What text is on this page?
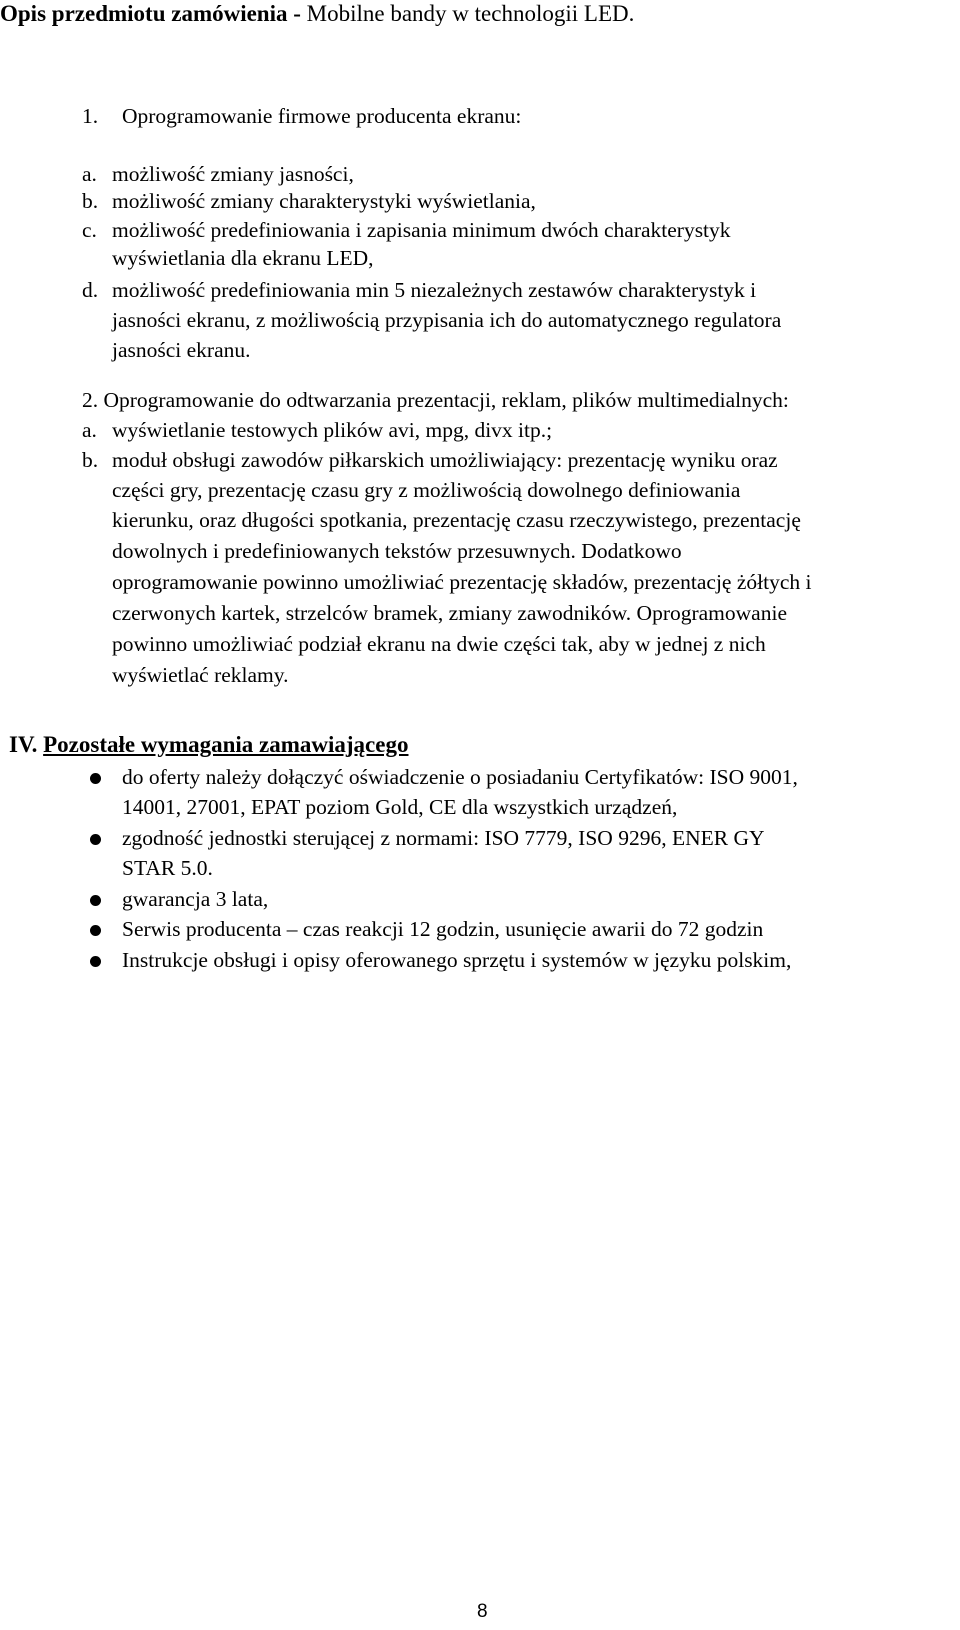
Opis przedmiotu zamówienia - Mobilne bandy w technologii LED.
1. Oprogramowanie firmowe producenta ekranu:
a. możliwość zmiany jasności,
b. możliwość zmiany charakterystyki wyświetlania,
c. możliwość predefiniowania i zapisania minimum dwóch charakterystyk
wyświetlania dla ekranu LED,
d. możliwość predefiniowania min 5 niezależnych zestawów charakterystyk i
jasności ekranu, z możliwością przypisania ich do automatycznego regulatora
jasności ekranu.
2. Oprogramowanie do odtwarzania prezentacji, reklam, plików multimedialnych:
a. wyświetlanie testowych plików avi, mpg, divx itp.;
b. moduł obsługi zawodów piłkarskich umożliwiający: prezentację wyniku oraz
części gry, prezentację czasu gry z możliwością dowolnego definiowania
kierunku, oraz długości spotkania, prezentację czasu rzeczywistego, prezentację
dowolnych i predefiniowanych tekstów przesuwnych. Dodatkowo
oprogramowanie powinno umożliwiać prezentację składów, prezentację żółtych i
czerwonych kartek, strzelców bramek, zmiany zawodników. Oprogramowanie
powinno umożliwiać podział ekranu na dwie części tak, aby w jednej z nich
wyświetlać reklamy.
IV. Pozostałe wymagania zamawiającego
do oferty należy dołączyć oświadczenie o posiadaniu Certyfikatów: ISO 9001,
14001, 27001, EPAT poziom Gold, CE dla wszystkich urządzeń,
zgodność jednostki sterującej z normami: ISO 7779, ISO 9296, ENER GY
STAR 5.0.
gwarancja 3 lata,
Serwis producenta – czas reakcji 12 godzin, usunięcie awarii do 72 godzin
Instrukcje obsługi i opisy oferowanego sprzętu i systemów w języku polskim,
8
